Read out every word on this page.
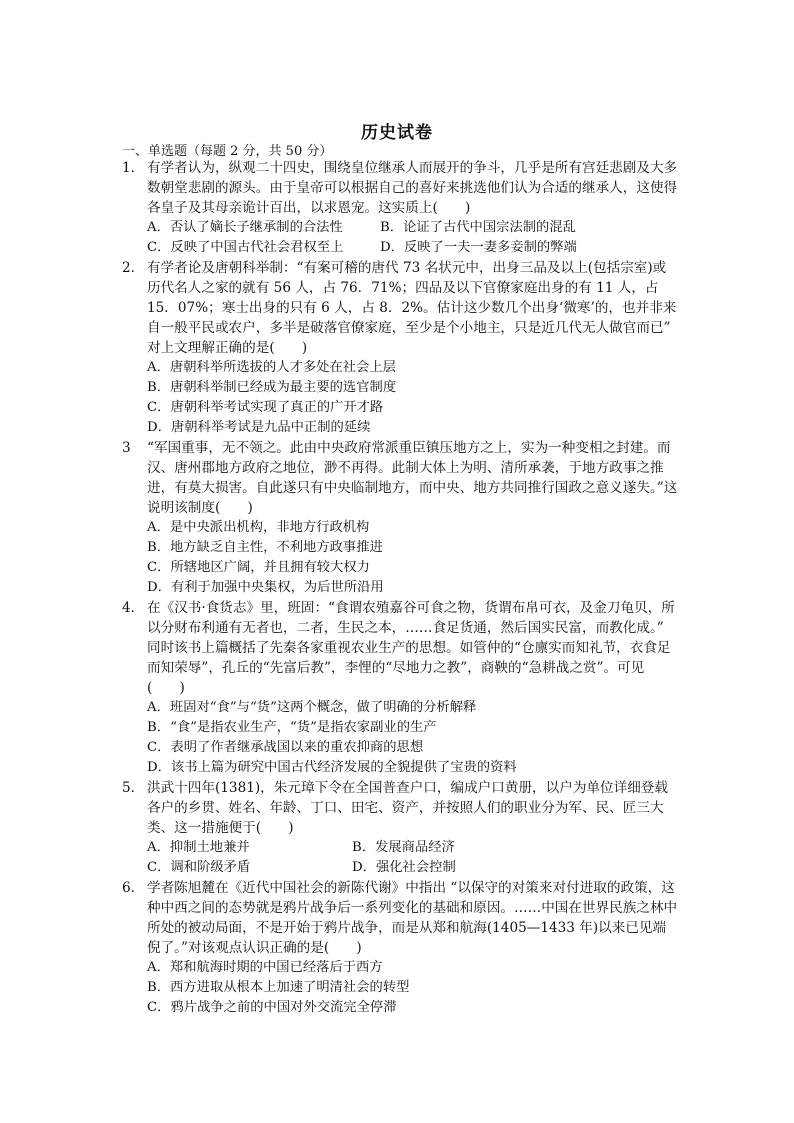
历史试卷
一、单选题（每题 2 分，共 50 分）
1． 有学者认为，纵观二十四史，围绕皇位继承人而展开的争斗，几乎是所有宫廷悲剧及大多数朝堂悲剧的源头。由于皇帝可以根据自己的喜好来挑选他们认为合适的继承人，这使得各皇子及其母亲诡计百出，以求恩宠。这实质上(　　)
A．否认了嫡长子继承制的合法性	B．论证了古代中国宗法制的混乱
C．反映了中国古代社会君权至上	D．反映了一夫一妻多妾制的弊端
2． 有学者论及唐朝科举制：“有案可稽的唐代 73 名状元中，出身三品及以上(包括宗室)或历代名人之家的就有 56 人，占 76．71%；四品及以下官僚家庭出身的有 11 人，占 15．07%；寒士出身的只有 6 人，占 8．2%。估计这少数几个出身‘微寒’的，也并非来自一般平民或农户，多半是破落官僚家庭，至少是个小地主，只是近几代无人做官而已” 对上文理解正确的是(　　)
A．唐朝科举所选拔的人才多处在社会上层
B．唐朝科举制已经成为最主要的选官制度
C．唐朝科举考试实现了真正的广开才路
D．唐朝科举考试是九品中正制的延续
3 “军国重事，无不领之。此由中央政府常派重臣镇压地方之上，实为一种变相之封建。而汉、唐州郡地方政府之地位，渺不再得。此制大体上为明、清所承袭，于地方政事之推进，有莫大损害。自此遂只有中央临制地方，而中央、地方共同推行国政之意义遂失。”这说明该制度(　　)
A．是中央派出机构，非地方行政机构
B．地方缺乏自主性，不利地方政事推进
C．所辖地区广阔，并且拥有较大权力
D．有利于加强中央集权，为后世所沿用
4． 在《汉书·食货志》里，班固：“食谓农殖嘉谷可食之物，货谓布帛可衣，及金刀龟贝，所以分财布利通有无者也，二者，生民之本，……食足货通，然后国实民富，而教化成。” 同时该书上篇概括了先秦各家重视农业生产的思想。如管仲的“仓廪实而知礼节，衣食足而知荣辱”，孔丘的“先富后教”，李悝的“尽地力之教”，商鞅的“急耕战之赏”。可见(　　)
A．班固对“食”与“货”这两个概念，做了明确的分析解释
B．“食”是指农业生产，“货”是指农家副业的生产
C．表明了作者继承战国以来的重农抑商的思想
D．该书上篇为研究中国古代经济发展的全貌提供了宝贵的资料
5． 洪武十四年(1381)，朱元璋下令在全国普查户口，编成户口黄册，以户为单位详细登载各户的乡贯、姓名、年龄、丁口、田宅、资产，并按照人们的职业分为军、民、匠三大类、这一措施便于(　　)
A．抑制土地兼并	B．发展商品经济
C．调和阶级矛盾	D．强化社会控制
6． 学者陈旭麓在《近代中国社会的新陈代谢》中指出 “以保守的对策来对付进取的政策，这种中西之间的态势就是鸦片战争后一系列变化的基础和原因。……中国在世界民族之林中所处的被动局面，不是开始于鸦片战争，而是从郑和航海(1405—1433 年)以来已见端倪了。”对该观点认识正确的是(　　)
A．郑和航海时期的中国已经落后于西方
B．西方进取从根本上加速了明清社会的转型
C．鸦片战争之前的中国对外交流完全停滞
